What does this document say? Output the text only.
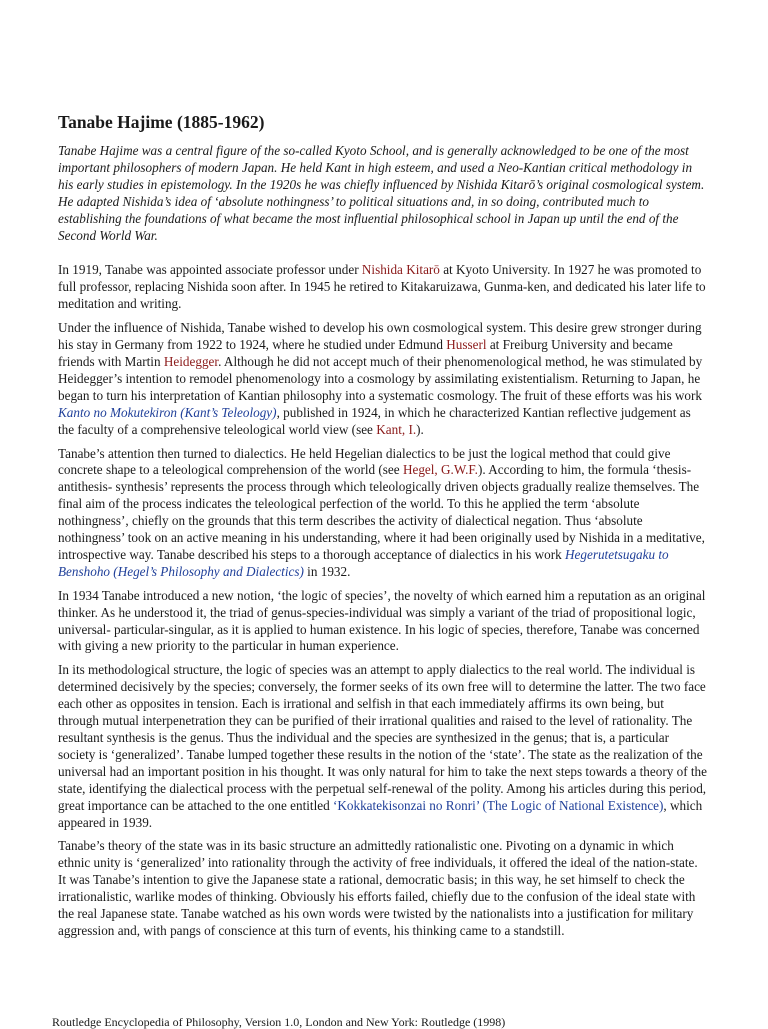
Tanabe Hajime (1885-1962)

Tanabe Hajime was a central figure of the so-called Kyoto School, and is generally acknowledged to be one of the most important philosophers of modern Japan. He held Kant in high esteem, and used a Neo-Kantian critical methodology in his early studies in epistemology. In the 1920s he was chiefly influenced by Nishida Kitarō’s original cosmological system. He adapted Nishida’s idea of ‘absolute nothingness’ to political situations and, in so doing, contributed much to establishing the foundations of what became the most influential philosophical school in Japan up until the end of the Second World War.

In 1919, Tanabe was appointed associate professor under Nishida Kitarō at Kyoto University. In 1927 he was promoted to full professor, replacing Nishida soon after. In 1945 he retired to Kitakaruizawa, Gunma-ken, and dedicated his later life to meditation and writing.

Under the influence of Nishida, Tanabe wished to develop his own cosmological system. This desire grew stronger during his stay in Germany from 1922 to 1924, where he studied under Edmund Husserl at Freiburg University and became friends with Martin Heidegger. Although he did not accept much of their phenomenological method, he was stimulated by Heidegger’s intention to remodel phenomenology into a cosmology by assimilating existentialism. Returning to Japan, he began to turn his interpretation of Kantian philosophy into a systematic cosmology. The fruit of these efforts was his work Kanto no Mokutekiron (Kant’s Teleology), published in 1924, in which he characterized Kantian reflective judgement as the faculty of a comprehensive teleological world view (see Kant, I.).

Tanabe’s attention then turned to dialectics. He held Hegelian dialectics to be just the logical method that could give concrete shape to a teleological comprehension of the world (see Hegel, G.W.F.). According to him, the formula ‘thesis-antithesis- synthesis’ represents the process through which teleologically driven objects gradually realize themselves. The final aim of the process indicates the teleological perfection of the world. To this he applied the term ‘absolute nothingness’, chiefly on the grounds that this term describes the activity of dialectical negation. Thus ‘absolute nothingness’ took on an active meaning in his understanding, where it had been originally used by Nishida in a meditative, introspective way. Tanabe described his steps to a thorough acceptance of dialectics in his work Hegerutetsugaku to Benshoho (Hegel’s Philosophy and Dialectics) in 1932.

In 1934 Tanabe introduced a new notion, ‘the logic of species’, the novelty of which earned him a reputation as an original thinker. As he understood it, the triad of genus-species-individual was simply a variant of the triad of propositional logic, universal- particular-singular, as it is applied to human existence. In his logic of species, therefore, Tanabe was concerned with giving a new priority to the particular in human experience.

In its methodological structure, the logic of species was an attempt to apply dialectics to the real world. The individual is determined decisively by the species; conversely, the former seeks of its own free will to determine the latter. The two face each other as opposites in tension. Each is irrational and selfish in that each immediately affirms its own being, but through mutual interpenetration they can be purified of their irrational qualities and raised to the level of rationality. The resultant synthesis is the genus. Thus the individual and the species are synthesized in the genus; that is, a particular society is ‘generalized’. Tanabe lumped together these results in the notion of the ‘state’. The state as the realization of the universal had an important position in his thought. It was only natural for him to take the next steps towards a theory of the state, identifying the dialectical process with the perpetual self-renewal of the polity. Among his articles during this period, great importance can be attached to the one entitled ‘Kokkatekisonzai no Ronri’ (The Logic of National Existence), which appeared in 1939.

Tanabe’s theory of the state was in its basic structure an admittedly rationalistic one. Pivoting on a dynamic in which ethnic unity is ‘generalized’ into rationality through the activity of free individuals, it offered the ideal of the nation-state. It was Tanabe’s intention to give the Japanese state a rational, democratic basis; in this way, he set himself to check the irrationalistic, warlike modes of thinking. Obviously his efforts failed, chiefly due to the confusion of the ideal state with the real Japanese state. Tanabe watched as his own words were twisted by the nationalists into a justification for military aggression and, with pangs of conscience at this turn of events, his thinking came to a standstill.

Routledge Encyclopedia of Philosophy, Version 1.0, London and New York: Routledge (1998)
